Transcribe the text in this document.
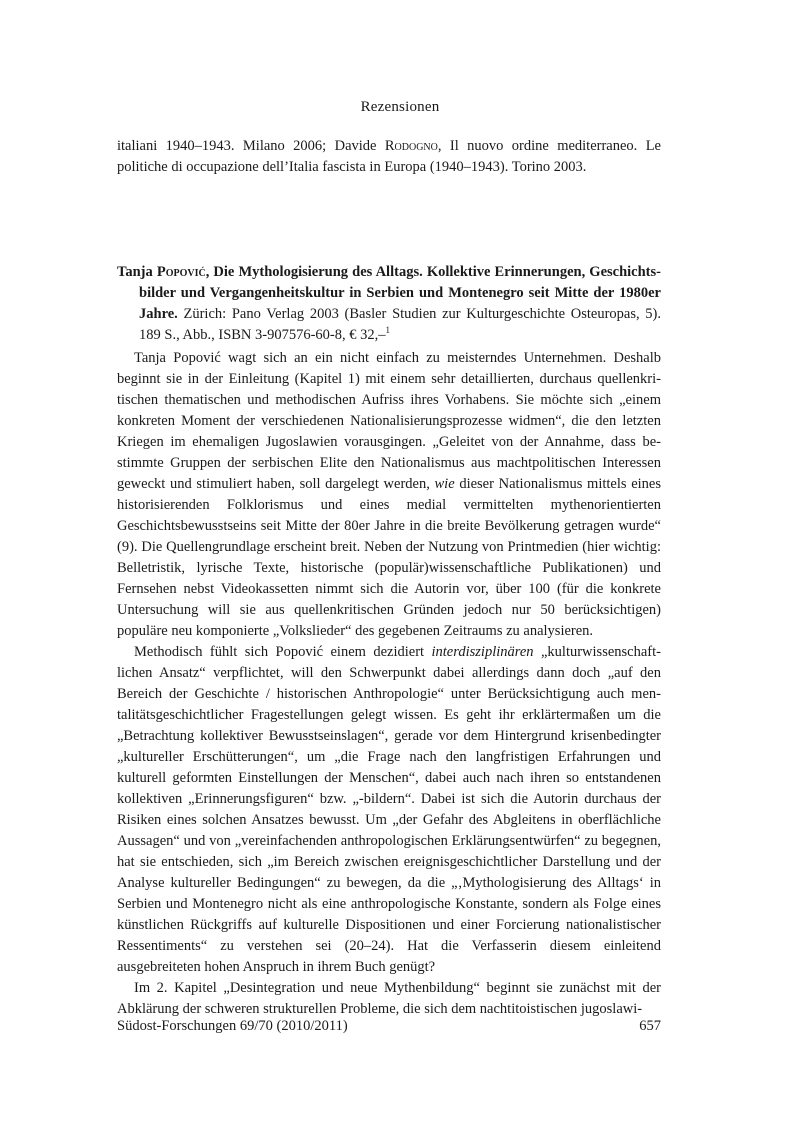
Rezensionen
italiani 1940–1943. Milano 2006; Davide Rodogno, Il nuovo ordine mediterraneo. Le politiche di occupazione dell’Italia fascista in Europa (1940–1943). Torino 2003.
Tanja Popović, Die Mythologisierung des Alltags. Kollektive Erinnerungen, Geschichtsbilder und Vergangenheitskultur in Serbien und Montenegro seit Mitte der 1980er Jahre. Zürich: Pano Verlag 2003 (Basler Studien zur Kulturgeschichte Osteuropas, 5). 189 S., Abb., ISBN 3-907576-60-8, € 32,–$^1$

Tanja Popović wagt sich an ein nicht einfach zu meisterndes Unternehmen. Deshalb beginnt sie in der Einleitung (Kapitel 1) mit einem sehr detaillierten, durchaus quellenkritischen thematischen und methodischen Aufriss ihres Vorhabens. Sie möchte sich „einem konkreten Moment der verschiedenen Nationalisierungsprozesse widmen“, die den letzten Kriegen im ehemaligen Jugoslawien vorausgingen. „Geleitet von der Annahme, dass bestimmte Gruppen der serbischen Elite den Nationalismus aus machtpolitischen Interessen geweckt und stimuliert haben, soll dargelegt werden, wie dieser Nationalismus mittels eines historisierenden Folklorismus und eines medial vermittelten mythenorientierten Geschichtsbewusstseins seit Mitte der 80er Jahre in die breite Bevölkerung getragen wurde“ (9). Die Quellengrundlage erscheint breit. Neben der Nutzung von Printmedien (hier wichtig: Belletristik, lyrische Texte, historische (populär)wissenschaftliche Publikationen) und Fernsehen nebst Videokassetten nimmt sich die Autorin vor, über 100 (für die konkrete Untersuchung will sie aus quellenkritischen Gründen jedoch nur 50 berücksichtigen) populäre neu komponierte „Volkslieder“ des gegebenen Zeitraums zu analysieren.

Methodisch fühlt sich Popović einem dezidiert interdisziplinären „kulturwissenschaftlichen Ansatz“ verpflichtet, will den Schwerpunkt dabei allerdings dann doch „auf den Bereich der Geschichte / historischen Anthropologie“ unter Berücksichtigung auch mentalitätsgeschichtlicher Fragestellungen gelegt wissen. Es geht ihr erklärtermaßen um die „Betrachtung kollektiver Bewusstseinslagen“, gerade vor dem Hintergrund krisenbedingter „kultureller Erschütterungen“, um „die Frage nach den langfristigen Erfahrungen und kulturell geformten Einstellungen der Menschen“, dabei auch nach ihren so entstandenen kollektiven „Erinnerungsfiguren“ bzw. „-bildern“. Dabei ist sich die Autorin durchaus der Risiken eines solchen Ansatzes bewusst. Um „der Gefahr des Abgleitens in oberflächliche Aussagen“ und von „vereinfachenden anthropologischen Erklärungsentwürfen“ zu begegnen, hat sie entschieden, sich „im Bereich zwischen ereignisgeschichtlicher Darstellung und der Analyse kultureller Bedingungen“ zu bewegen, da die „‚Mythologisierung des Alltags‘ in Serbien und Montenegro nicht als eine anthropologische Konstante, sondern als Folge eines künstlichen Rückgriffs auf kulturelle Dispositionen und einer Forcierung nationalistischer Ressentiments“ zu verstehen sei (20–24). Hat die Verfasserin diesem einleitend ausgebreiteten hohen Anspruch in ihrem Buch genügt?

Im 2. Kapitel „Desintegration und neue Mythenbildung“ beginnt sie zunächst mit der Abklärung der schweren strukturellen Probleme, die sich dem nachtitoistischen jugoslawi-

Südost-Forschungen 69/70 (2010/2011)	657
